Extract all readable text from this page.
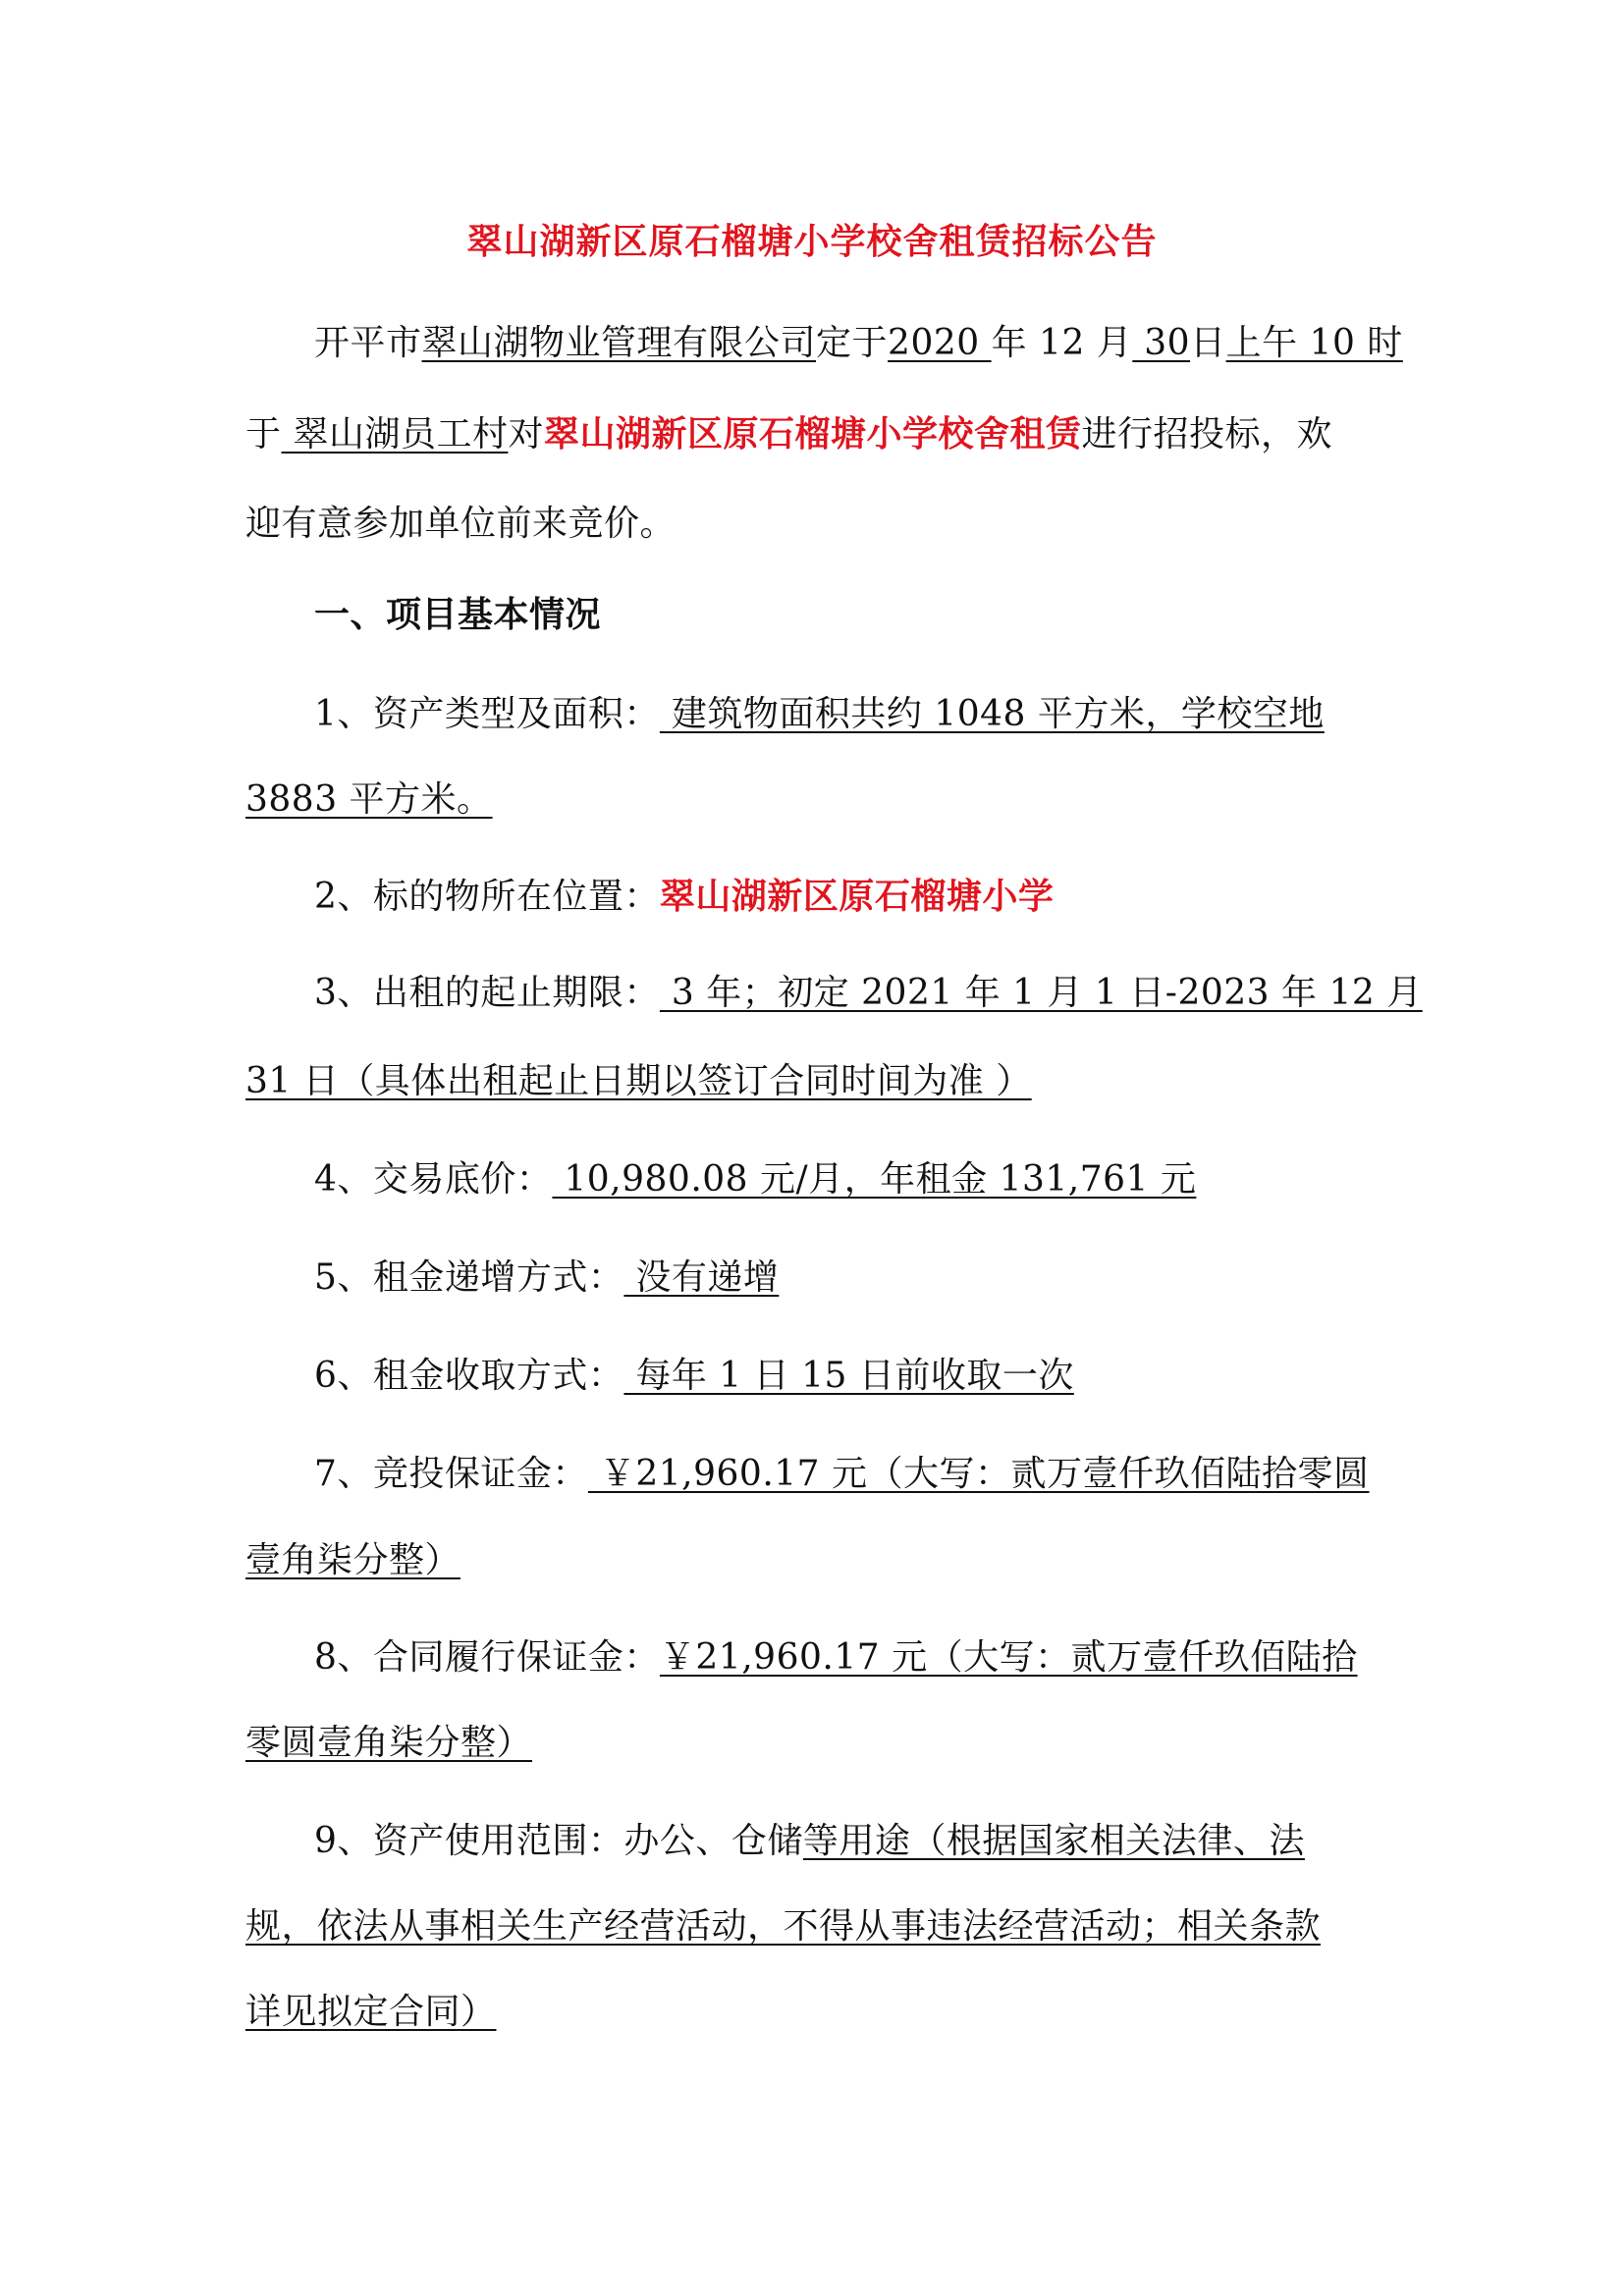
翠山湖新区原石榴塘小学校舍租赁招标公告
开平市翠山湖物业管理有限公司定于2020 年 12 月 30日上午 10 时
于 翠山湖员工村对翠山湖新区原石榴塘小学校舍租赁进行招投标，欢
迎有意参加单位前来竞价。
一、项目基本情况
1、资产类型及面积： 建筑物面积共约 1048 平方米，学校空地
3883 平方米。
2、标的物所在位置：翠山湖新区原石榴塘小学
3、出租的起止期限： 3 年；初定 2021 年 1 月 1 日-2023 年 12 月
31 日（具体出租起止日期以签订合同时间为准 ）
4、交易底价： 10,980.08 元/月，年租金 131,761 元
5、租金递增方式： 没有递增
6、租金收取方式： 每年 1 日 15 日前收取一次
7、竞投保证金： ￥21,960.17 元（大写：贰万壹仟玖佰陆拾零圆
壹角柒分整）
8、合同履行保证金：￥21,960.17 元（大写：贰万壹仟玖佰陆拾
零圆壹角柒分整）
9、资产使用范围：办公、仓储等用途（根据国家相关法律、法
规，依法从事相关生产经营活动，不得从事违法经营活动；相关条款
详见拟定合同）
